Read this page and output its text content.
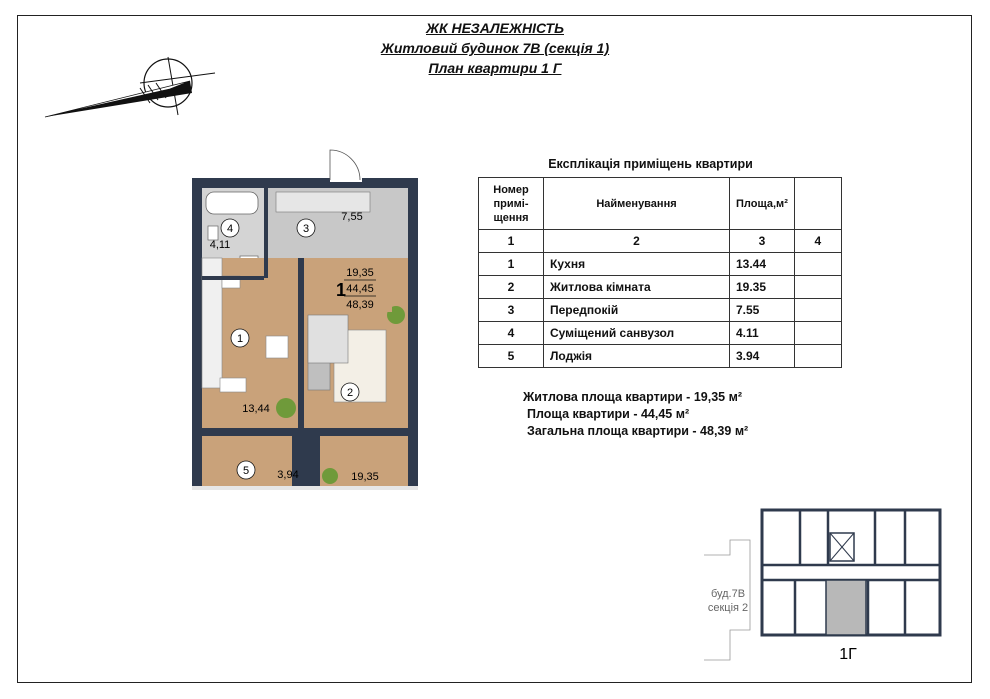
ЖК НЕЗАЛЕЖНІСТЬ
Житловий будинок 7В (секція 1)
План квартири 1 Г
3
7,55
4
4,11
1
13,44
2
19,35
5	3,94
1
19,35
44,45
48,39
Експлікація приміщень квартири
Номер примі-щення	Найменування	Площа,м²	
1	2	3	4
1	Кухня	13.44	
2	Житлова кімната	19.35	
3	Передпокій	7.55	
4	Суміщений санвузол	4.11	
5	Лоджія	3.94	
Житлова площа квартири - 19,35 м²
Площа квартири - 44,45 м²
Загальна площа квартири - 48,39 м²
буд.7В
секція 2
1Г
